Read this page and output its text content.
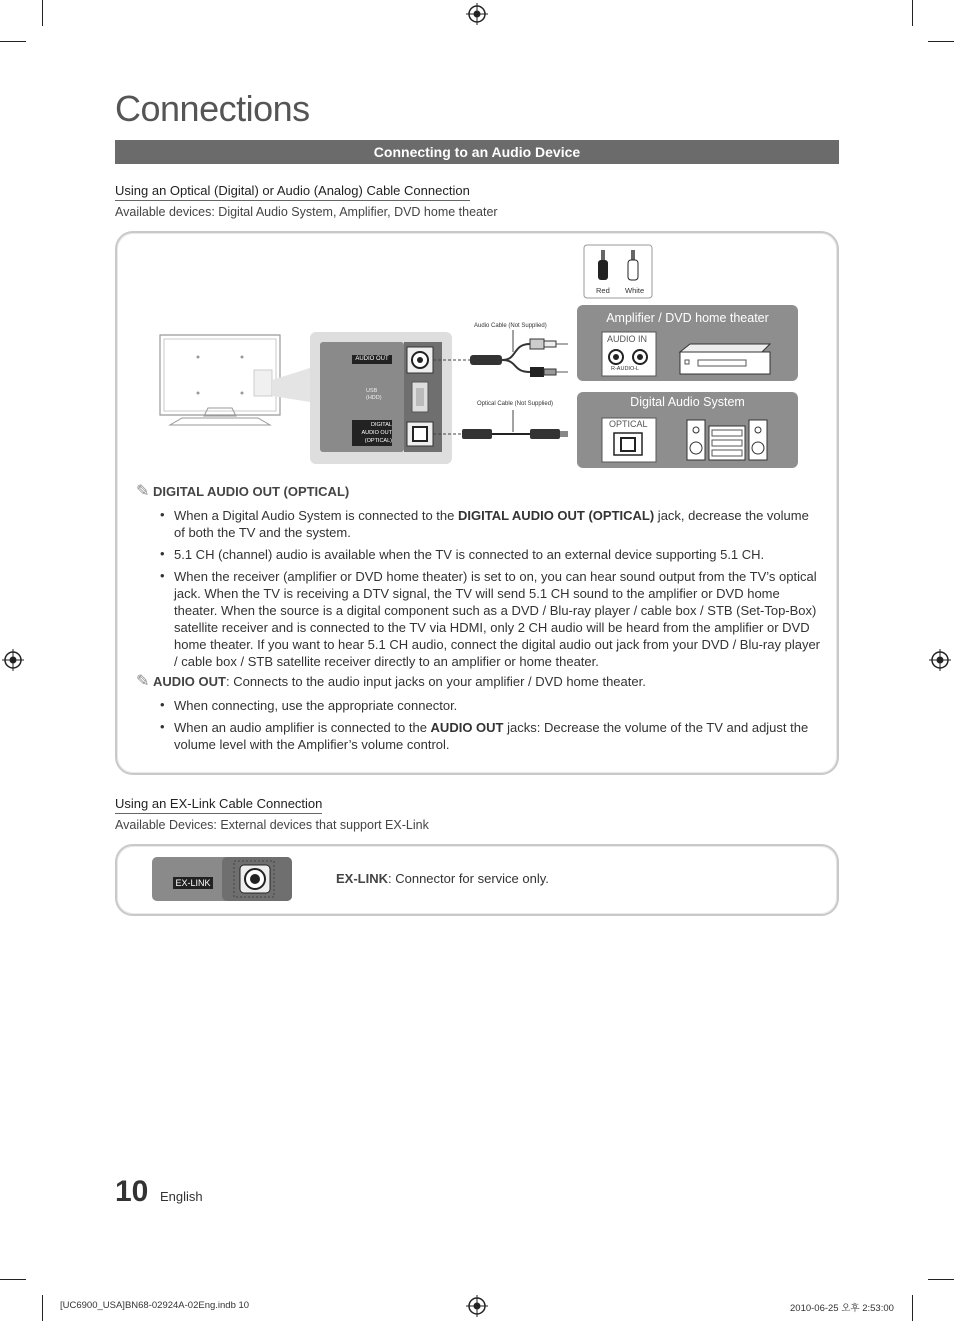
Connections
Connecting to an Audio Device
Using an Optical (Digital) or Audio (Analog) Cable Connection
Available devices: Digital Audio System, Amplifier, DVD home theater
Red White
Audio Cable (Not Supplied)
Optical Cable (Not Supplied)
AUDIO OUT
USB
(HDD)
DIGITAL
AUDIO OUT
(OPTICAL)
Amplifier / DVD home theater
AUDIO IN
R-AUDIO-L
Digital Audio System
OPTICAL
✎ DIGITAL AUDIO OUT (OPTICAL)
• When a Digital Audio System is connected to the DIGITAL AUDIO OUT (OPTICAL) jack, decrease the volume of both the TV and the system.
• 5.1 CH (channel) audio is available when the TV is connected to an external device supporting 5.1 CH.
• When the receiver (amplifier or DVD home theater) is set to on, you can hear sound output from the TV’s optical jack. When the TV is receiving a DTV signal, the TV will send 5.1 CH sound to the amplifier or DVD home theater. When the source is a digital component such as a DVD / Blu-ray player / cable box / STB (Set-Top-Box) satellite receiver and is connected to the TV via HDMI, only 2 CH audio will be heard from the amplifier or DVD home theater. If you want to hear 5.1 CH audio, connect the digital audio out jack from your DVD / Blu-ray player / cable box / STB satellite receiver directly to an amplifier or home theater.
✎ AUDIO OUT: Connects to the audio input jacks on your amplifier / DVD home theater.
• When connecting, use the appropriate connector.
• When an audio amplifier is connected to the AUDIO OUT jacks: Decrease the volume of the TV and adjust the volume level with the Amplifier’s volume control.
Using an EX-Link Cable Connection
Available Devices: External devices that support EX-Link
EX-LINK	EX-LINK: Connector for service only.
10 English
[UC6900_USA]BN68-02924A-02Eng.indb 10	2010-06-25 오후 2:53:00
